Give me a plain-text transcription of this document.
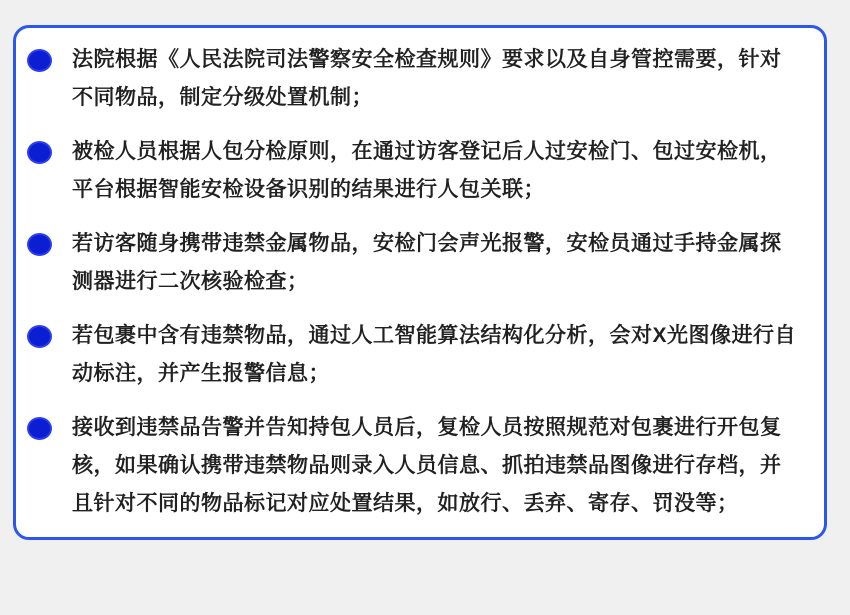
法院根据《人民法院司法警察安全检查规则》要求以及自身管控需要，针对不同物品，制定分级处置机制；

被检人员根据人包分检原则，在通过访客登记后人过安检门、包过安检机，平台根据智能安检设备识别的结果进行人包关联；

若访客随身携带违禁金属物品，安检门会声光报警，安检员通过手持金属探测器进行二次核验检查；

若包裹中含有违禁物品，通过人工智能算法结构化分析，会对X光图像进行自动标注，并产生报警信息；

接收到违禁品告警并告知持包人员后，复检人员按照规范对包裹进行开包复核，如果确认携带违禁物品则录入人员信息、抓拍违禁品图像进行存档，并且针对不同的物品标记对应处置结果，如放行、丢弃、寄存、罚没等；
